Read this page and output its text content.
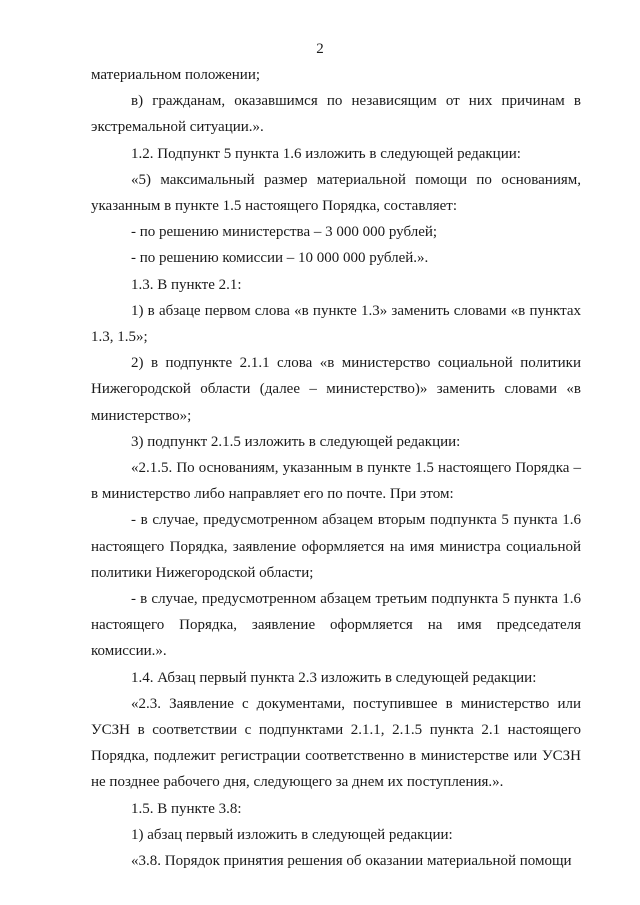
2

материальном положении;

в) гражданам, оказавшимся по независящим от них причинам в экстремальной ситуации.».

1.2. Подпункт 5 пункта 1.6 изложить в следующей редакции:

«5) максимальный размер материальной помощи по основаниям, указанным в пункте 1.5 настоящего Порядка, составляет:

- по решению министерства – 3 000 000 рублей;

- по решению комиссии – 10 000 000 рублей.».

1.3. В пункте 2.1:

1) в абзаце первом слова «в пункте 1.3» заменить словами «в пунктах 1.3, 1.5»;

2) в подпункте 2.1.1 слова «в министерство социальной политики Нижегородской области (далее – министерство)» заменить словами «в министерство»;

3) подпункт 2.1.5 изложить в следующей редакции:

«2.1.5. По основаниям, указанным в пункте 1.5 настоящего Порядка – в министерство либо направляет его по почте. При этом:

- в случае, предусмотренном абзацем вторым подпункта 5 пункта 1.6 настоящего Порядка, заявление оформляется на имя министра социальной политики Нижегородской области;

- в случае, предусмотренном абзацем третьим подпункта 5 пункта 1.6 настоящего Порядка, заявление оформляется на имя председателя комиссии.».

1.4. Абзац первый пункта 2.3 изложить в следующей редакции:

«2.3. Заявление с документами, поступившее в министерство или УСЗН в соответствии с подпунктами 2.1.1, 2.1.5 пункта 2.1 настоящего Порядка, подлежит регистрации соответственно в министерстве или УСЗН не позднее рабочего дня, следующего за днем их поступления.».

1.5. В пункте 3.8:

1) абзац первый изложить в следующей редакции:

«3.8. Порядок принятия решения об оказании материальной помощи
